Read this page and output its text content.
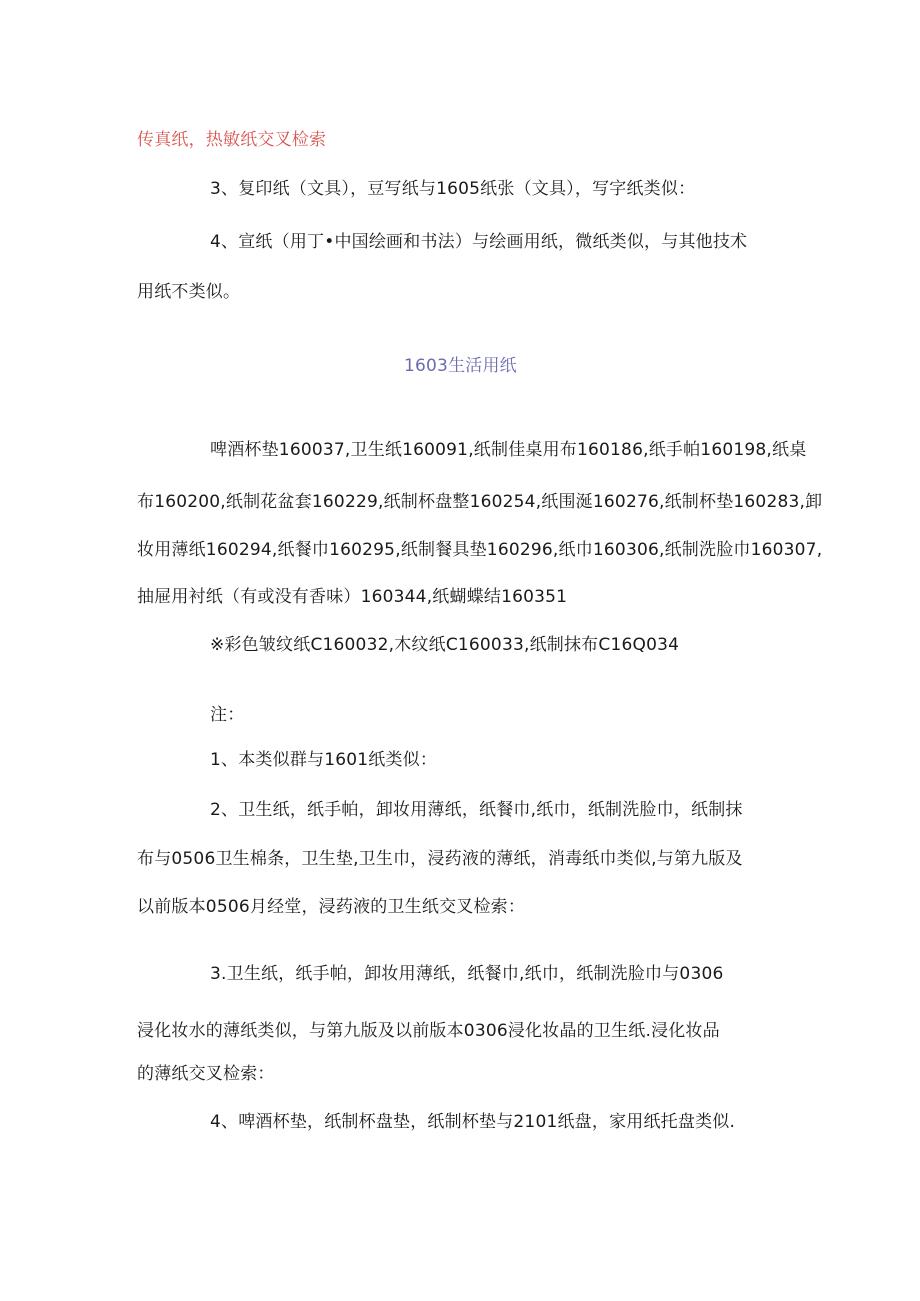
传真纸，热敏纸交叉检索
3、复印纸（文具），豆写纸与1605纸张（文具），写字纸类似：
4、宣纸（用丁•中国绘画和书法）与绘画用纸，微纸类似，与其他技术
用纸不类似。
1603生活用纸
啤酒杯垫160037,卫生纸160091,纸制佳桌用布160186,纸手帕160198,纸桌
布160200,纸制花盆套160229,纸制杯盘整160254,纸围涎160276,纸制杯垫160283,卸
妆用薄纸160294,纸餐巾160295,纸制餐具垫160296,纸巾160306,纸制洗脸巾160307,
抽屉用衬纸（有或没有香味）160344,纸蝴蝶结160351
※彩色皱纹纸C160032,木纹纸C160033,纸制抹布C16Q034
注：
1、本类似群与1601纸类似：
2、卫生纸，纸手帕，卸妆用薄纸，纸餐巾,纸巾，纸制洗脸巾，纸制抹
布与0506卫生棉条，卫生垫,卫生巾，浸药液的薄纸，消毒纸巾类似,与第九版及
以前版本0506月经堂，浸药液的卫生纸交叉检索：
3.卫生纸，纸手帕，卸妆用薄纸，纸餐巾,纸巾，纸制洗脸巾与0306
浸化妆水的薄纸类似，与第九版及以前版本0306浸化妆晶的卫生纸.浸化妆品
的薄纸交叉检索：
4、啤酒杯垫，纸制杯盘垫，纸制杯垫与2101纸盘，家用纸托盘类似.
